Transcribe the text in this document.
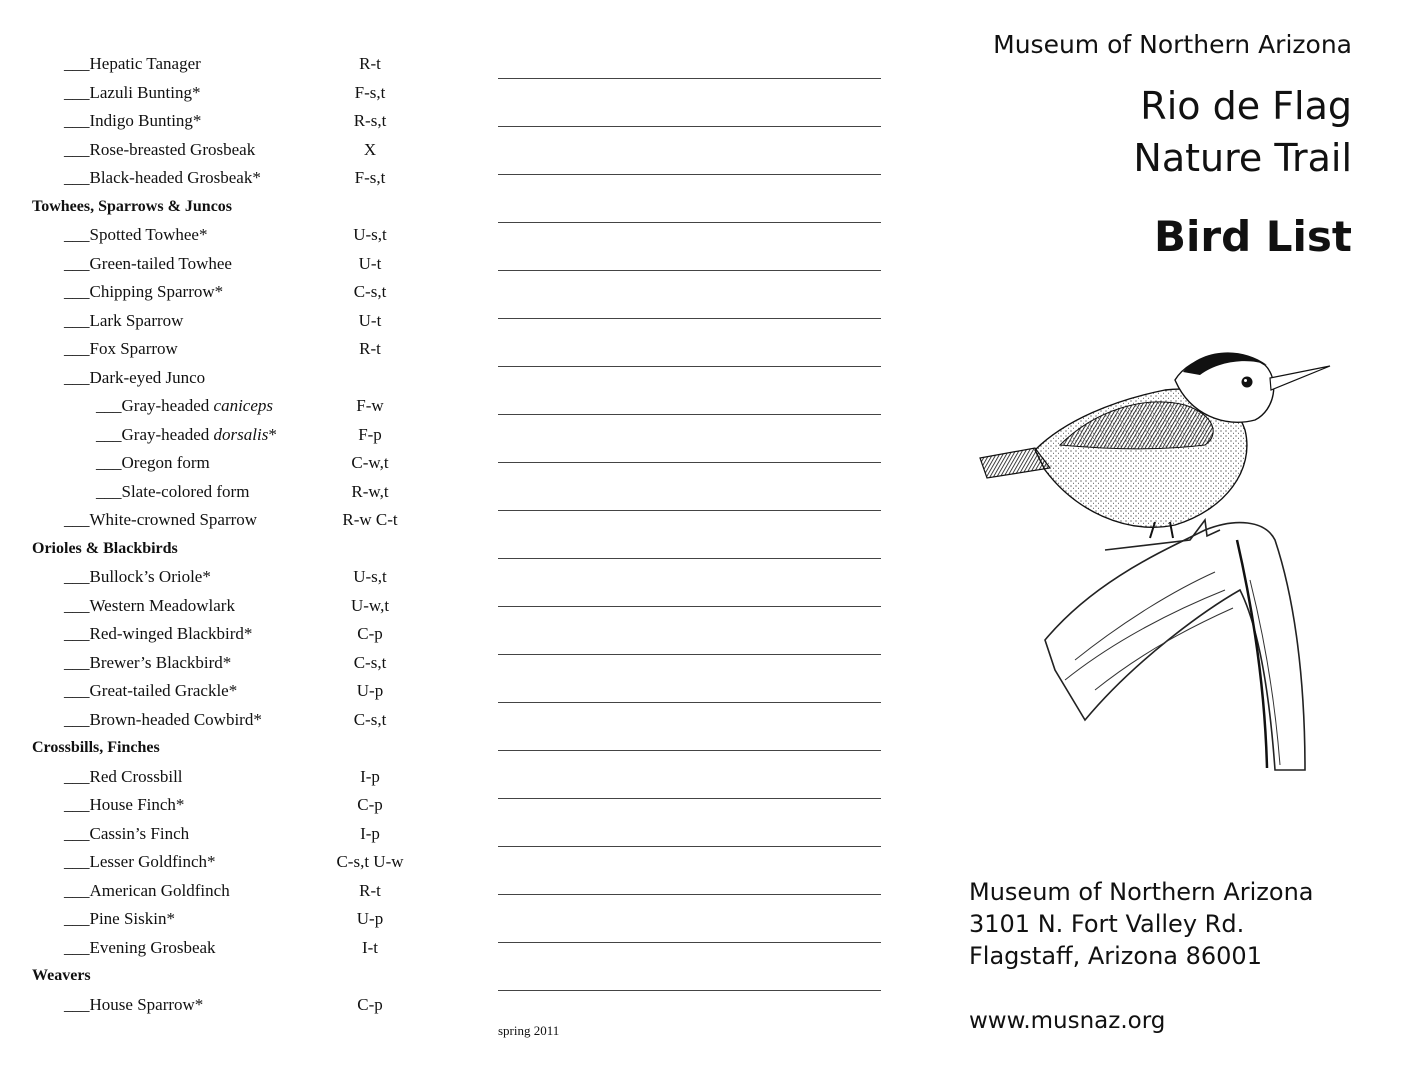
___Hepatic Tanager	R-t
___Lazuli Bunting*	F-s,t
___Indigo Bunting*	R-s,t
___Rose-breasted Grosbeak	X
___Black-headed Grosbeak*	F-s,t
Towhees, Sparrows & Juncos
___Spotted Towhee*	U-s,t
___Green-tailed Towhee	U-t
___Chipping Sparrow*	C-s,t
___Lark Sparrow	U-t
___Fox Sparrow	R-t
___Dark-eyed Junco
___Gray-headed caniceps	F-w
___Gray-headed dorsalis*	F-p
___Oregon form	C-w,t
___Slate-colored form	R-w,t
___White-crowned Sparrow	R-w C-t
Orioles & Blackbirds
___Bullock’s Oriole*	U-s,t
___Western Meadowlark	U-w,t
___Red-winged Blackbird*	C-p
___Brewer’s Blackbird*	C-s,t
___Great-tailed Grackle*	U-p
___Brown-headed Cowbird*	C-s,t
Crossbills, Finches
___Red Crossbill	I-p
___House Finch*	C-p
___Cassin’s Finch	I-p
___Lesser Goldfinch*	C-s,t U-w
___American Goldfinch	R-t
___Pine Siskin*	U-p
___Evening Grosbeak	I-t
Weavers
___House Sparrow*	C-p
spring 2011
Museum of Northern Arizona
Rio de Flag
Nature Trail
Bird List
Museum of Northern Arizona
3101 N. Fort Valley Rd.
Flagstaff, Arizona 86001
www.musnaz.org
